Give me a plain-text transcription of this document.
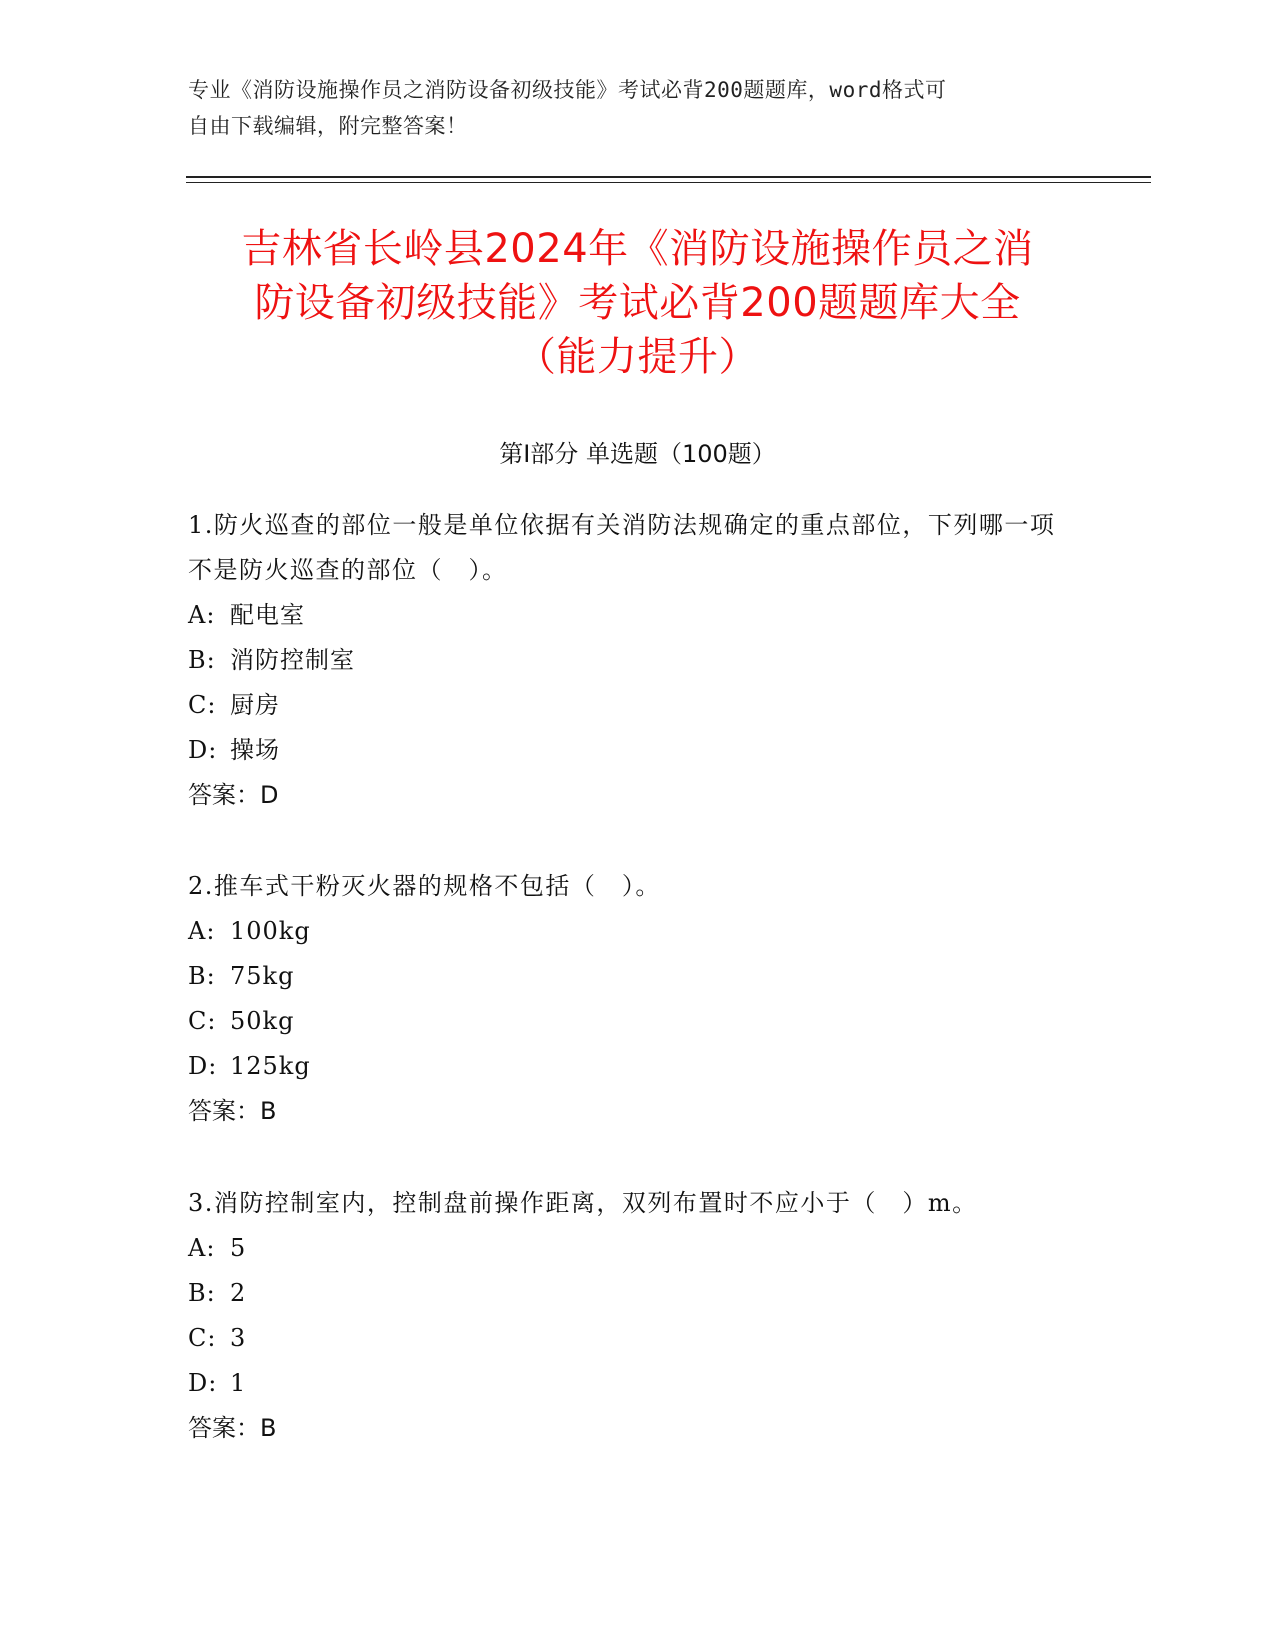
专业《消防设施操作员之消防设备初级技能》考试必背200题题库，word格式可
自由下载编辑，附完整答案！
吉林省长岭县2024年《消防设施操作员之消
防设备初级技能》考试必背200题题库大全
（能力提升）
第Ⅰ部分 单选题（100题）
1.防火巡查的部位一般是单位依据有关消防法规确定的重点部位，下列哪一项不是防火巡查的部位（　）。
A: 配电室
B: 消防控制室
C: 厨房
D: 操场
答案：D
2.推车式干粉灭火器的规格不包括（　）。
A: 100kg
B: 75kg
C: 50kg
D: 125kg
答案：B
3.消防控制室内，控制盘前操作距离，双列布置时不应小于（　）m。
A: 5
B: 2
C: 3
D: 1
答案：B
